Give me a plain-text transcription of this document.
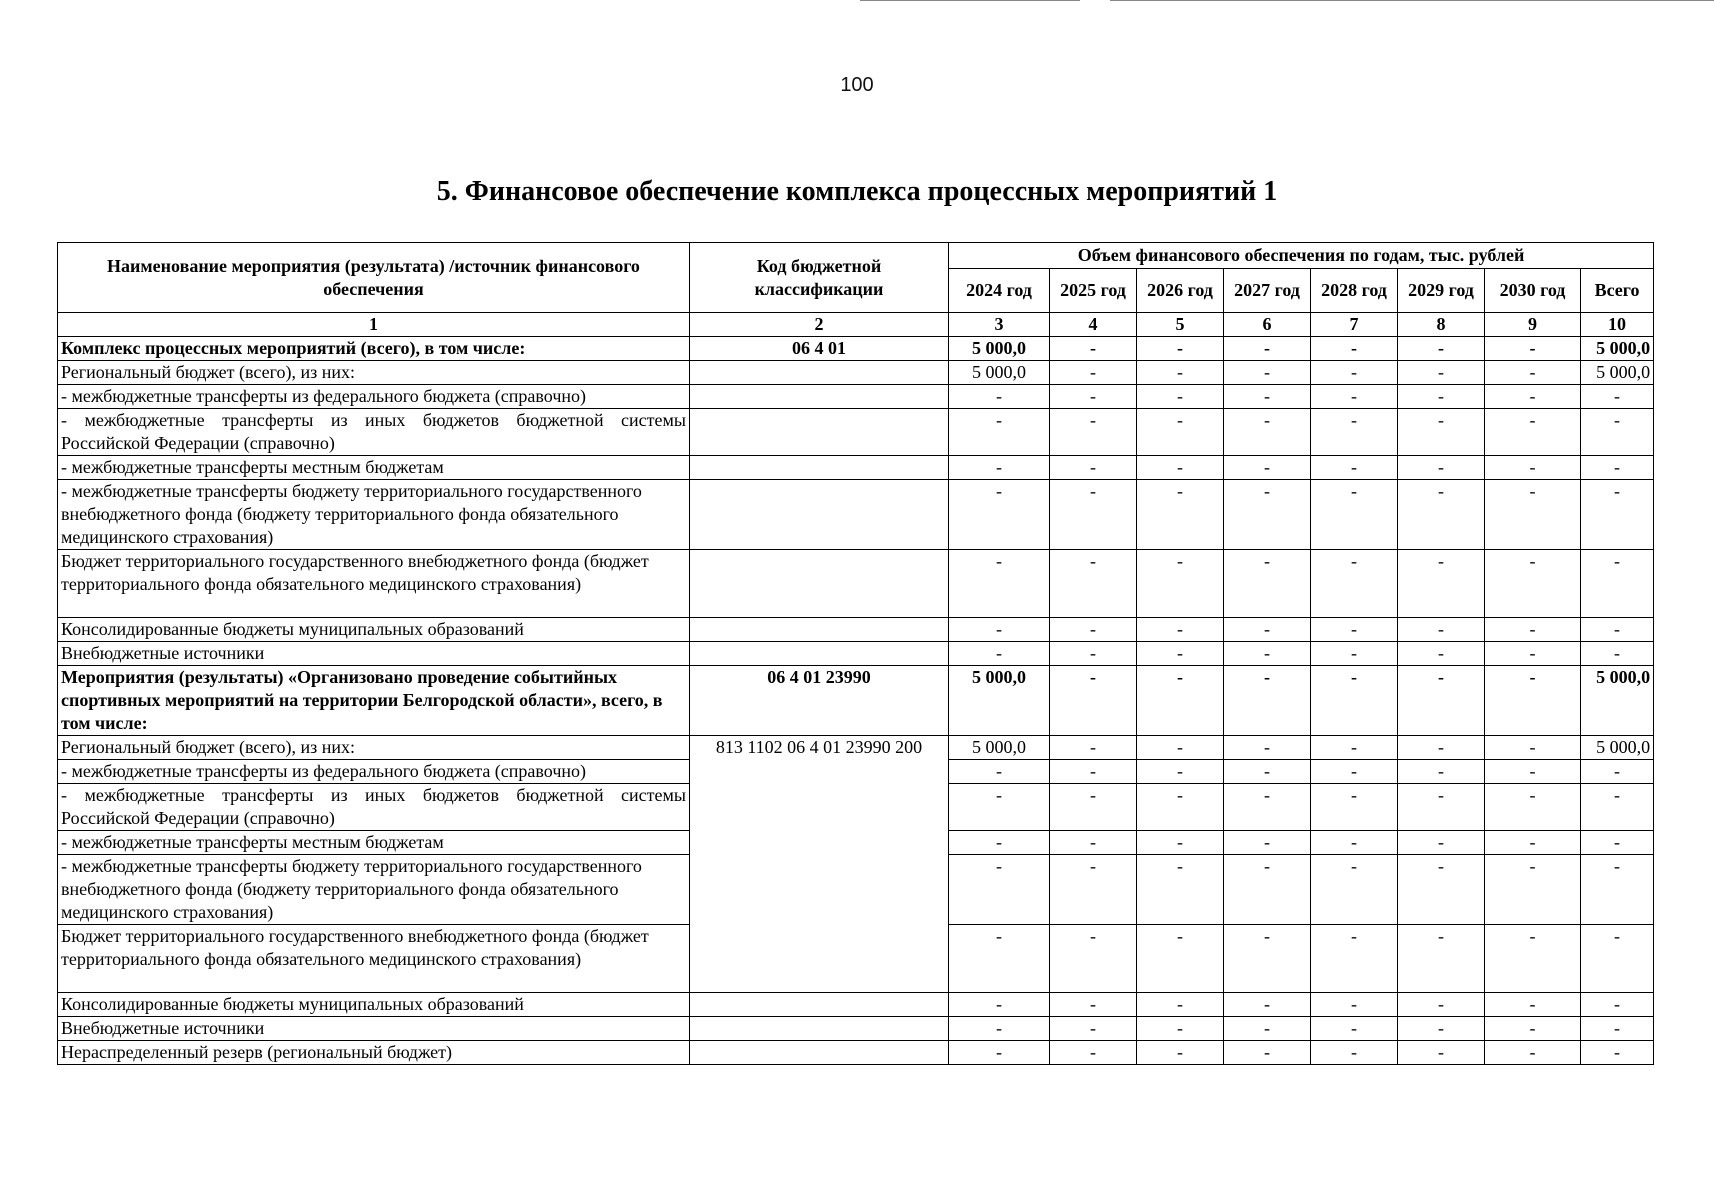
100
5. Финансовое обеспечение комплекса процессных мероприятий 1
Наименование мероприятия (результата) /источник финансового обеспечения	Код бюджетной классификации	Объем финансового обеспечения по годам, тыс. рублей							
		2024 год	2025 год	2026 год	2027 год	2028 год	2029 год	2030 год	Всего
1	2	3	4	5	6	7	8	9	10
Комплекс процессных мероприятий (всего), в том числе:	06 4 01	5 000,0	-	-	-	-	-	-	5 000,0
Региональный бюджет (всего), из них:		5 000,0	-	-	-	-	-	-	5 000,0
- межбюджетные трансферты из федерального бюджета (справочно)		-	-	-	-	-	-	-	-
- межбюджетные трансферты из иных бюджетов бюджетной системы Российской Федерации (справочно)		-	-	-	-	-	-	-	-
- межбюджетные трансферты местным бюджетам		-	-	-	-	-	-	-	-
- межбюджетные трансферты бюджету территориального государственного внебюджетного фонда (бюджету территориального фонда обязательного медицинского страхования)		-	-	-	-	-	-	-	-
Бюджет территориального государственного внебюджетного фонда (бюджет территориального фонда обязательного медицинского страхования)		-	-	-	-	-	-	-	-
Консолидированные бюджеты муниципальных образований		-	-	-	-	-	-	-	-
Внебюджетные источники		-	-	-	-	-	-	-	-
Мероприятия (результаты) «Организовано проведение событийных спортивных мероприятий на территории Белгородской области», всего, в том числе:	06 4 01 23990	5 000,0	-	-	-	-	-	-	5 000,0
Региональный бюджет (всего), из них:	813 1102 06 4 01 23990 200	5 000,0	-	-	-	-	-	-	5 000,0
- межбюджетные трансферты из федерального бюджета (справочно)		-	-	-	-	-	-	-	-
- межбюджетные трансферты из иных бюджетов бюджетной системы Российской Федерации (справочно)		-	-	-	-	-	-	-	-
- межбюджетные трансферты местным бюджетам		-	-	-	-	-	-	-	-
- межбюджетные трансферты бюджету территориального государственного внебюджетного фонда (бюджету территориального фонда обязательного медицинского страхования)		-	-	-	-	-	-	-	-
Бюджет территориального государственного внебюджетного фонда (бюджет территориального фонда обязательного медицинского страхования)		-	-	-	-	-	-	-	-
Консолидированные бюджеты муниципальных образований		-	-	-	-	-	-	-	-
Внебюджетные источники		-	-	-	-	-	-	-	-
Нераспределенный резерв (региональный бюджет)		-	-	-	-	-	-	-	-
